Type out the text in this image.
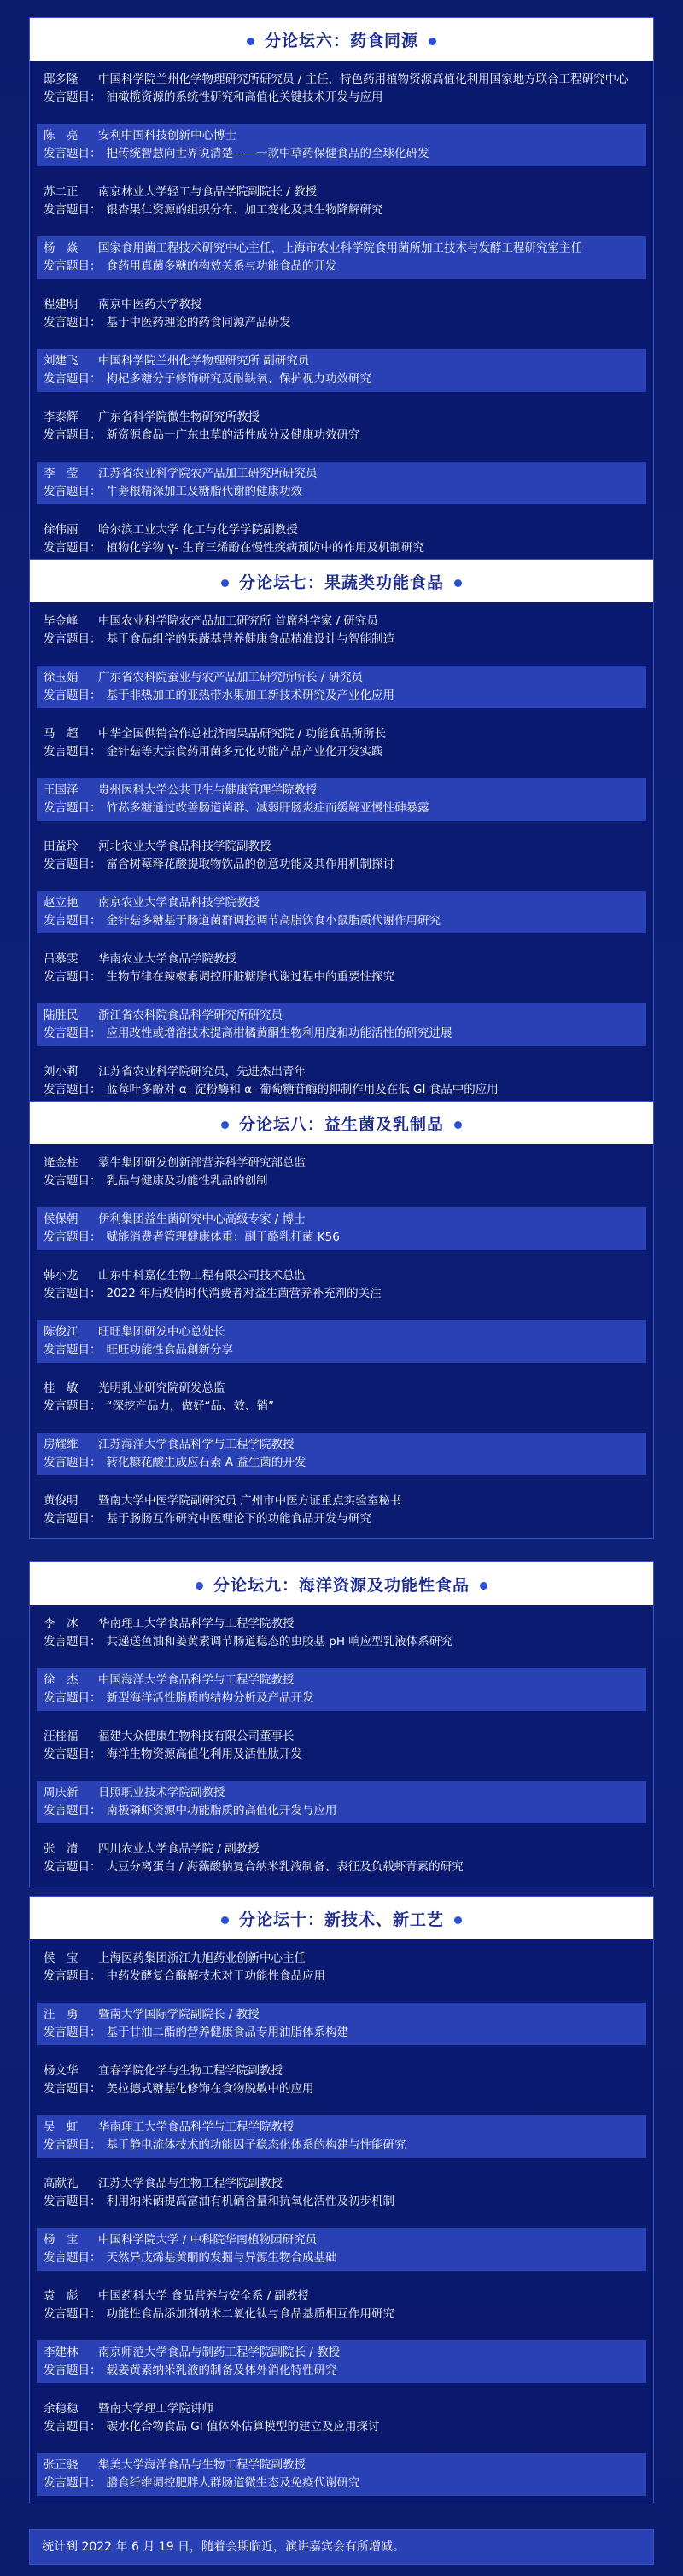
分论坛六：药食同源
邸多隆 中国科学院兰州化学物理研究所研究员 / 主任，特色药用植物资源高值化利用国家地方联合工程研究中心
发言题目： 油橄榄资源的系统性研究和高值化关键技术开发与应用
陈　亮 安利中国科技创新中心博士
发言题目： 把传统智慧向世界说清楚——一款中草药保健食品的全球化研发
苏二正 南京林业大学轻工与食品学院副院长 / 教授
发言题目： 银杏果仁资源的组织分布、加工变化及其生物降解研究
杨　焱 国家食用菌工程技术研究中心主任，上海市农业科学院食用菌所加工技术与发酵工程研究室主任
发言题目： 食药用真菌多糖的构效关系与功能食品的开发
程建明 南京中医药大学教授
发言题目： 基于中医药理论的药食同源产品研发
刘建飞 中国科学院兰州化学物理研究所 副研究员
发言题目： 枸杞多糖分子修饰研究及耐缺氧、保护视力功效研究
李泰辉 广东省科学院微生物研究所教授
发言题目： 新资源食品一广东虫草的活性成分及健康功效研究
李　莹 江苏省农业科学院农产品加工研究所研究员
发言题目： 牛蒡根精深加工及糖脂代谢的健康功效
徐伟丽 哈尔滨工业大学 化工与化学学院副教授
发言题目： 植物化学物 γ- 生育三烯酚在慢性疾病预防中的作用及机制研究
分论坛七：果蔬类功能食品
毕金峰 中国农业科学院农产品加工研究所 首席科学家 / 研究员
发言题目： 基于食品组学的果蔬基营养健康食品精准设计与智能制造
徐玉娟 广东省农科院蚕业与农产品加工研究所所长 / 研究员
发言题目： 基于非热加工的亚热带水果加工新技术研究及产业化应用
马　超 中华全国供销合作总社济南果品研究院 / 功能食品所所长
发言题目： 金针菇等大宗食药用菌多元化功能产品产业化开发实践
王国泽 贵州医科大学公共卫生与健康管理学院教授
发言题目： 竹荪多糖通过改善肠道菌群、减弱肝肠炎症而缓解亚慢性砷暴露
田益玲 河北农业大学食品科技学院副教授
发言题目： 富含树莓释花酸提取物饮品的创意功能及其作用机制探讨
赵立艳 南京农业大学食品科技学院教授
发言题目： 金针菇多糖基于肠道菌群调控调节高脂饮食小鼠脂质代谢作用研究
吕慕雯 华南农业大学食品学院教授
发言题目： 生物节律在辣椒素调控肝脏糖脂代谢过程中的重要性探究
陆胜民 浙江省农科院食品科学研究所研究员
发言题目： 应用改性或增溶技术提高柑橘黄酮生物利用度和功能活性的研究进展
刘小莉 江苏省农业科学院研究员，先进杰出青年
发言题目： 蓝莓叶多酚对 α- 淀粉酶和 α- 葡萄糖苷酶的抑制作用及在低 GI 食品中的应用
分论坛八：益生菌及乳制品
逄金柱 蒙牛集团研发创新部营养科学研究部总监
发言题目： 乳品与健康及功能性乳品的创制
侯保朝 伊利集团益生菌研究中心高级专家 / 博士
发言题目： 赋能消费者管理健康体重：副干酪乳杆菌 K56
韩小龙 山东中科嘉亿生物工程有限公司技术总监
发言题目： 2022 年后疫情时代消费者对益生菌营养补充剂的关注
陈俊江 旺旺集团研发中心总处长
发言题目： 旺旺功能性食品創新分享
桂　敏 光明乳业研究院研发总监
发言题目： “深挖产品力，做好“品、效、销”
房耀维 江苏海洋大学食品科学与工程学院教授
发言题目： 转化糠花酸生成应石素 A 益生菌的开发
黄俊明 暨南大学中医学院副研究员 广州市中医方证重点实验室秘书
发言题目： 基于肠肠互作研究中医理论下的功能食品开发与研究
分论坛九：海洋资源及功能性食品
李　冰 华南理工大学食品科学与工程学院教授
发言题目： 共递送鱼油和姜黄素调节肠道稳态的虫胶基 pH 响应型乳液体系研究
徐　杰 中国海洋大学食品科学与工程学院教授
发言题目： 新型海洋活性脂质的结构分析及产品开发
汪桂福 福建大众健康生物科技有限公司董事长
发言题目： 海洋生物资源高值化利用及活性肽开发
周庆新 日照职业技术学院副教授
发言题目： 南极磷虾资源中功能脂质的高值化开发与应用
张　清 四川农业大学食品学院 / 副教授
发言题目： 大豆分离蛋白 / 海藻酸钠复合纳米乳液制备、表征及负载虾青素的研究
分论坛十：新技术、新工艺
侯　宝 上海医药集团浙江九旭药业创新中心主任
发言题目： 中药发酵复合酶解技术对于功能性食品应用
汪　勇 暨南大学国际学院副院长 / 教授
发言题目： 基于甘油二酯的营养健康食品专用油脂体系构建
杨文华 宜春学院化学与生物工程学院副教授
发言题目： 美拉德式糖基化修饰在食物脱敏中的应用
吴　虹 华南理工大学食品科学与工程学院教授
发言题目： 基于静电流体技术的功能因子稳态化体系的构建与性能研究
高献礼 江苏大学食品与生物工程学院副教授
发言题目： 利用纳米硒提高富油有机硒含量和抗氧化活性及初步机制
杨　宝 中国科学院大学 / 中科院华南植物园研究员
发言题目： 天然异戊烯基黄酮的发掘与异源生物合成基础
袁　彪 中国药科大学 食品营养与安全系 / 副教授
发言题目： 功能性食品添加剂纳米二氧化钛与食品基质相互作用研究
李建林 南京师范大学食品与制药工程学院副院长 / 教授
发言题目： 载姜黄素纳米乳液的制备及体外消化特性研究
余稳稳 暨南大学理工学院讲师
发言题目： 碳水化合物食品 GI 值体外估算模型的建立及应用探讨
张正骁 集美大学海洋食品与生物工程学院副教授
发言题目： 膳食纤维调控肥胖人群肠道微生态及免疫代谢研究
统计到 2022 年 6 月 19 日，随着会期临近，演讲嘉宾会有所增减。
